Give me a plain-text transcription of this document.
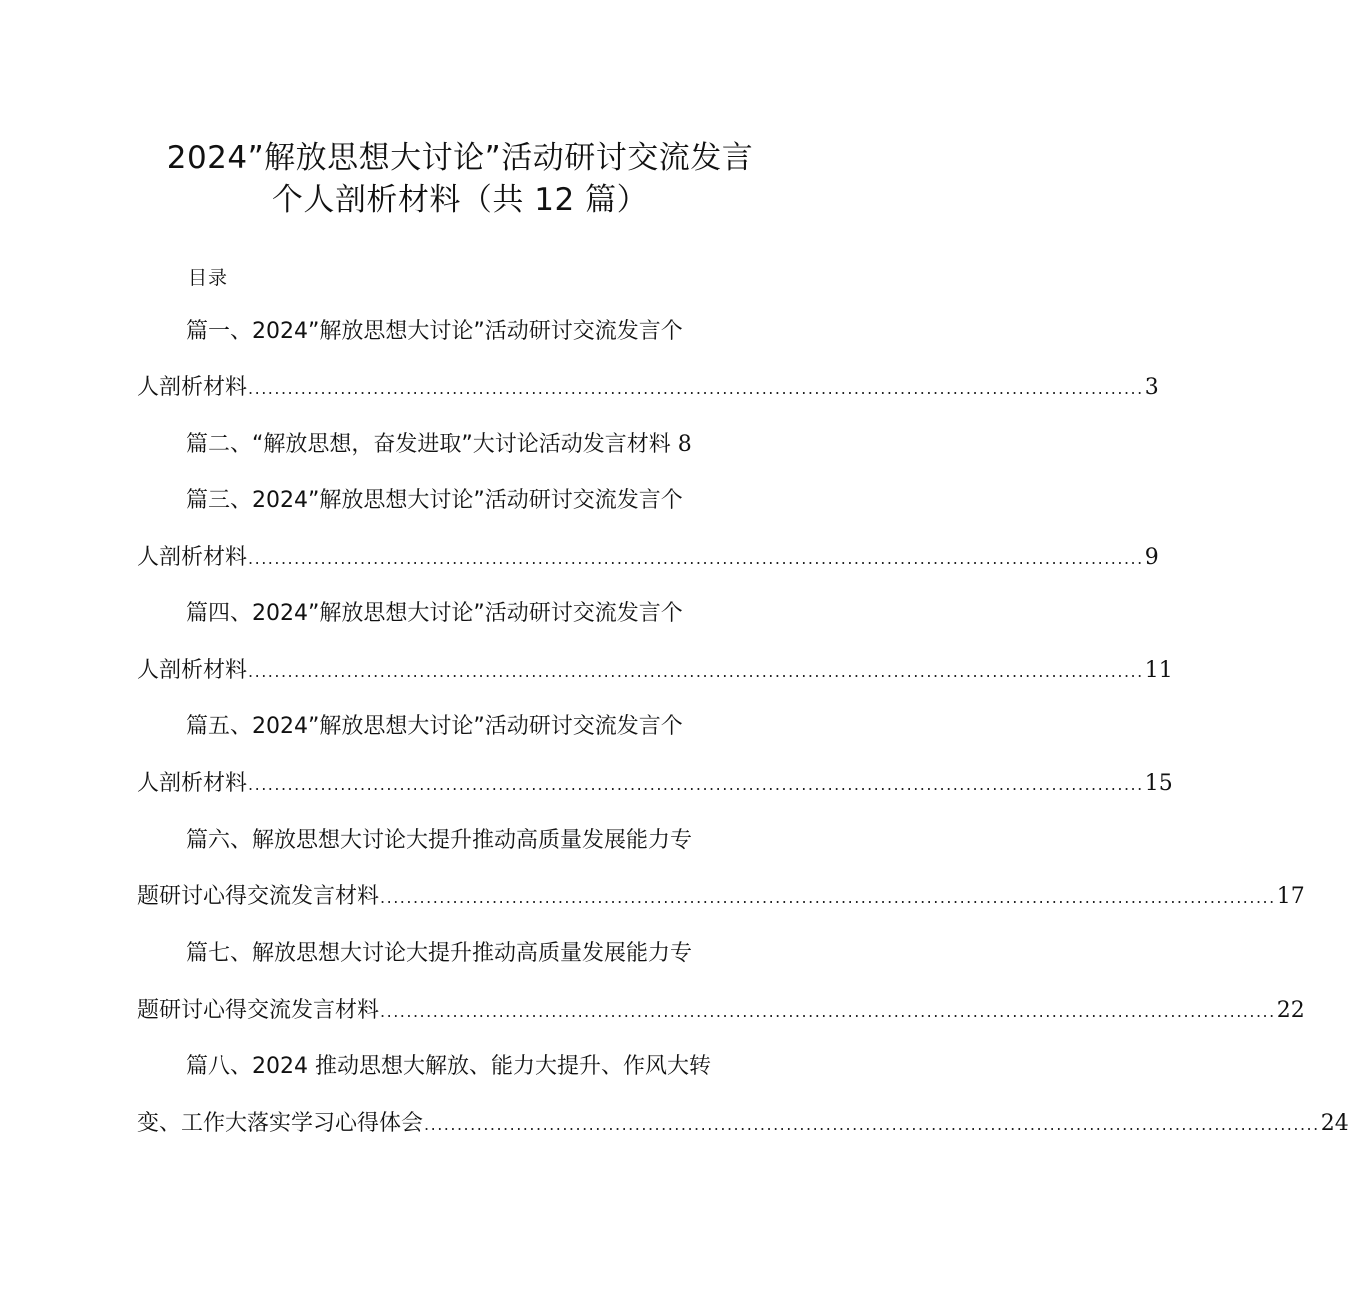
2024”解放思想大讨论”活动研讨交流发言
个人剖析材料（共 12 篇）
目录
篇一、2024”解放思想大讨论”活动研讨交流发言个
人剖析材料 ........................................................................................................................................ 3
篇二、“解放思想，奋发进取”大讨论活动发言材料 8
篇三、2024”解放思想大讨论”活动研讨交流发言个
人剖析材料 ........................................................................................................................................ 9
篇四、2024”解放思想大讨论”活动研讨交流发言个
人剖析材料 ........................................................................................................................................ 11
篇五、2024”解放思想大讨论”活动研讨交流发言个
人剖析材料 ........................................................................................................................................ 15
篇六、解放思想大讨论大提升推动高质量发展能力专
题研讨心得交流发言材料 ........................................................................................................................................ 17
篇七、解放思想大讨论大提升推动高质量发展能力专
题研讨心得交流发言材料 ........................................................................................................................................ 22
篇八、2024 推动思想大解放、能力大提升、作风大转
变、工作大落实学习心得体会 ........................................................................................................................................ 24
